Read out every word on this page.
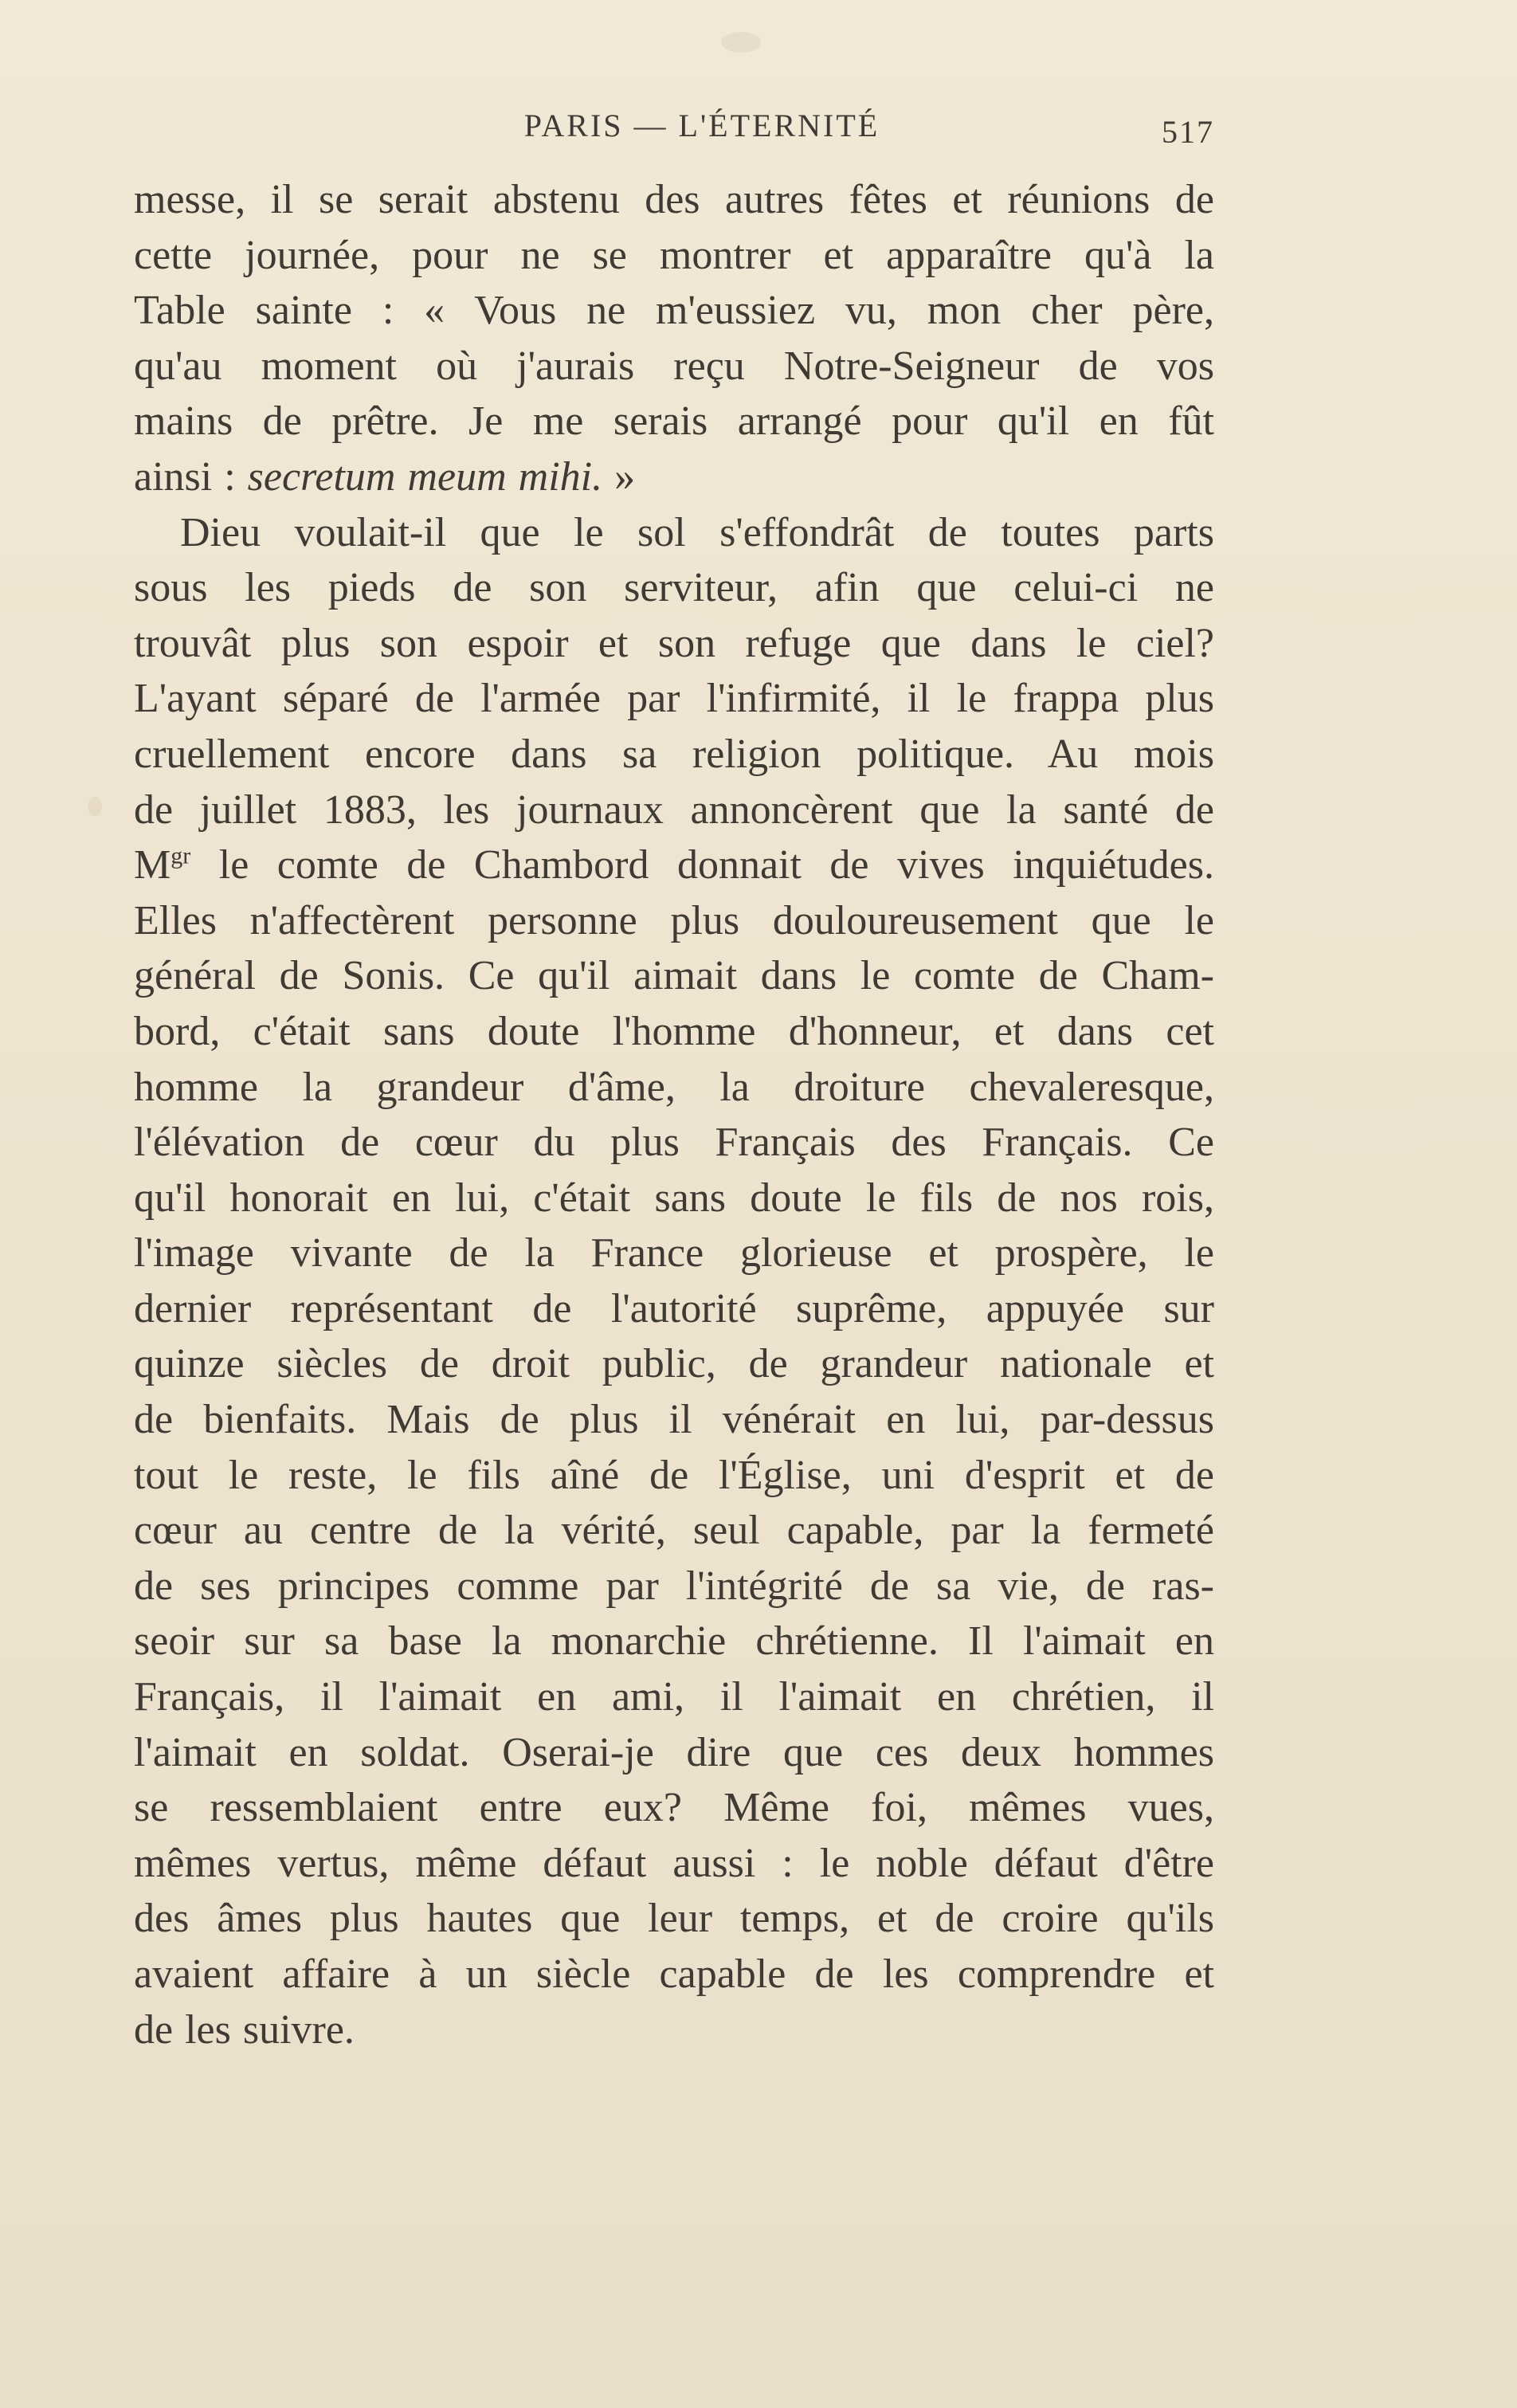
PARIS — L'ÉTERNITÉ	517
messe, il se serait abstenu des autres fêtes et réunions de
cette journée, pour ne se montrer et apparaître qu'à la
Table sainte : « Vous ne m'eussiez vu, mon cher père,
qu'au moment où j'aurais reçu Notre-Seigneur de vos
mains de prêtre. Je me serais arrangé pour qu'il en fût
ainsi : secretum meum mihi. »
Dieu voulait-il que le sol s'effondrât de toutes parts
sous les pieds de son serviteur, afin que celui-ci ne
trouvât plus son espoir et son refuge que dans le ciel?
L'ayant séparé de l'armée par l'infirmité, il le frappa plus
cruellement encore dans sa religion politique. Au mois
de juillet 1883, les journaux annoncèrent que la santé de
$M^{gr}$ le comte de Chambord donnait de vives inquiétudes.
Elles n'affectèrent personne plus douloureusement que le
général de Sonis. Ce qu'il aimait dans le comte de Cham-
bord, c'était sans doute l'homme d'honneur, et dans cet
homme la grandeur d'âme, la droiture chevaleresque,
l'élévation de cœur du plus Français des Français. Ce
qu'il honorait en lui, c'était sans doute le fils de nos rois,
l'image vivante de la France glorieuse et prospère, le
dernier représentant de l'autorité suprême, appuyée sur
quinze siècles de droit public, de grandeur nationale et
de bienfaits. Mais de plus il vénérait en lui, par-dessus
tout le reste, le fils aîné de l'Église, uni d'esprit et de
cœur au centre de la vérité, seul capable, par la fermeté
de ses principes comme par l'intégrité de sa vie, de ras-
seoir sur sa base la monarchie chrétienne. Il l'aimait en
Français, il l'aimait en ami, il l'aimait en chrétien, il
l'aimait en soldat. Oserai-je dire que ces deux hommes
se ressemblaient entre eux? Même foi, mêmes vues,
mêmes vertus, même défaut aussi : le noble défaut d'être
des âmes plus hautes que leur temps, et de croire qu'ils
avaient affaire à un siècle capable de les comprendre et
de les suivre.
